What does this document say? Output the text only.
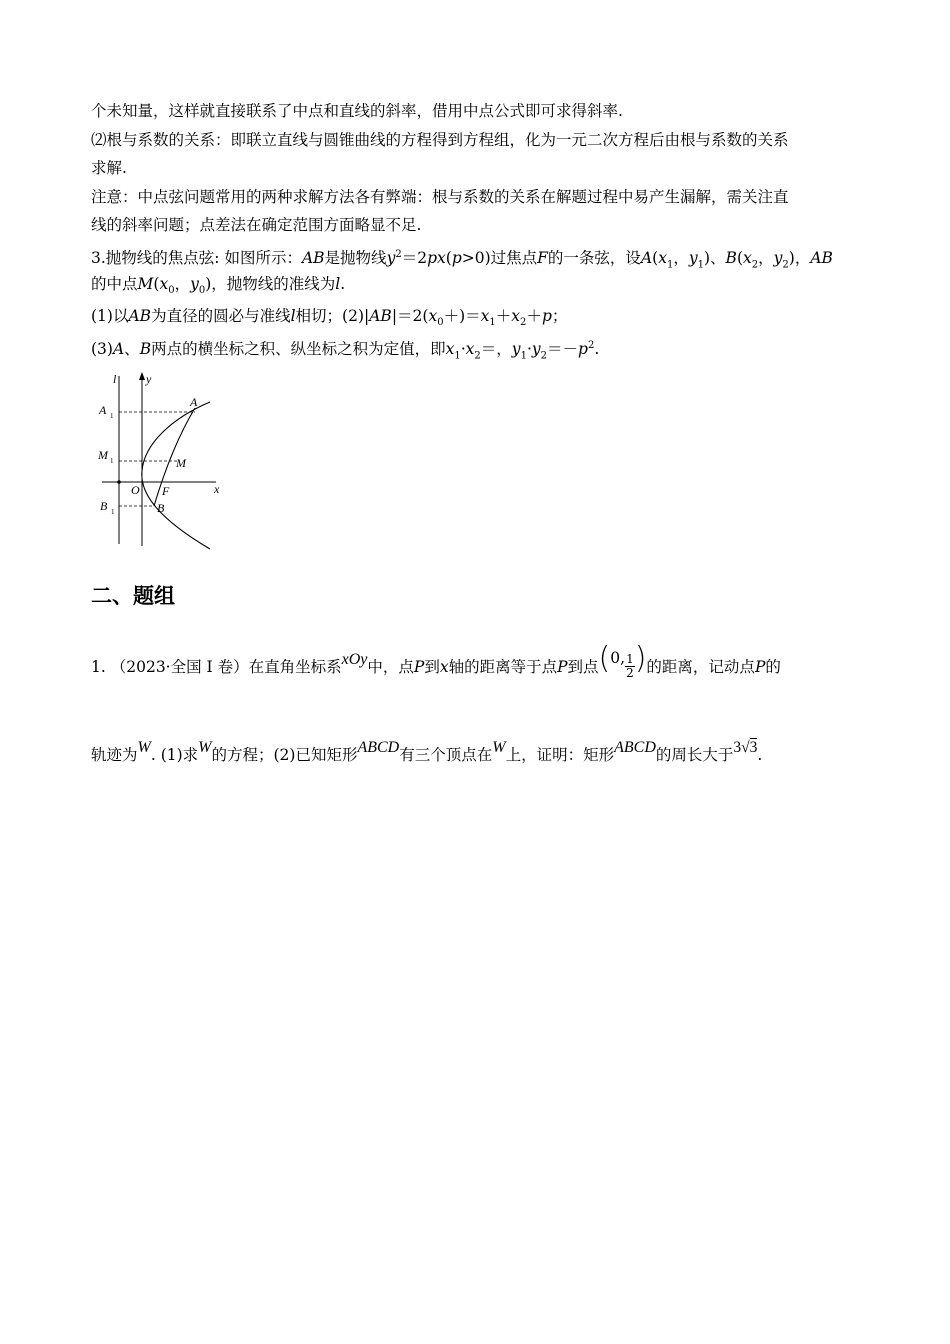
个未知量，这样就直接联系了中点和直线的斜率，借用中点公式即可求得斜率.
⑵根与系数的关系：即联立直线与圆锥曲线的方程得到方程组，化为一元二次方程后由根与系数的关系
求解.
注意：中点弦问题常用的两种求解方法各有弊端：根与系数的关系在解题过程中易产生漏解，需关注直
线的斜率问题；点差法在确定范围方面略显不足.
3.抛物线的焦点弦: 如图所示：AB是抛物线$y^2=2px(p>0)$过焦点F的一条弦，设$A(x_1$，$y_1$)、$B(x_2$，$y_2$)，AB
的中点$M(x_0$，$y_0$)，抛物线的准线为l.
(1)以AB为直径的圆必与准线l相切；$(2)|AB|=2(x_0+)=x_1+x_2+p$；
(3)A、B两点的横坐标之积、纵坐标之积为定值，即$x_1\cdot x_2=$，$y_1\cdot y_2=-p^2$.
l y
x
A
A 1
M
M 1
O F
B
B 1
二、题组
1. （2023·全国 I 卷）在直角坐标系xOy中，点P到x轴的距离等于点P到点(0, $\frac{1}{2}$ )的距离，记动点P的
轨迹为W. (1)求W的方程；(2)已知矩形ABCD有三个顶点在W上，证明：矩形ABCD的周长大于3√3.
